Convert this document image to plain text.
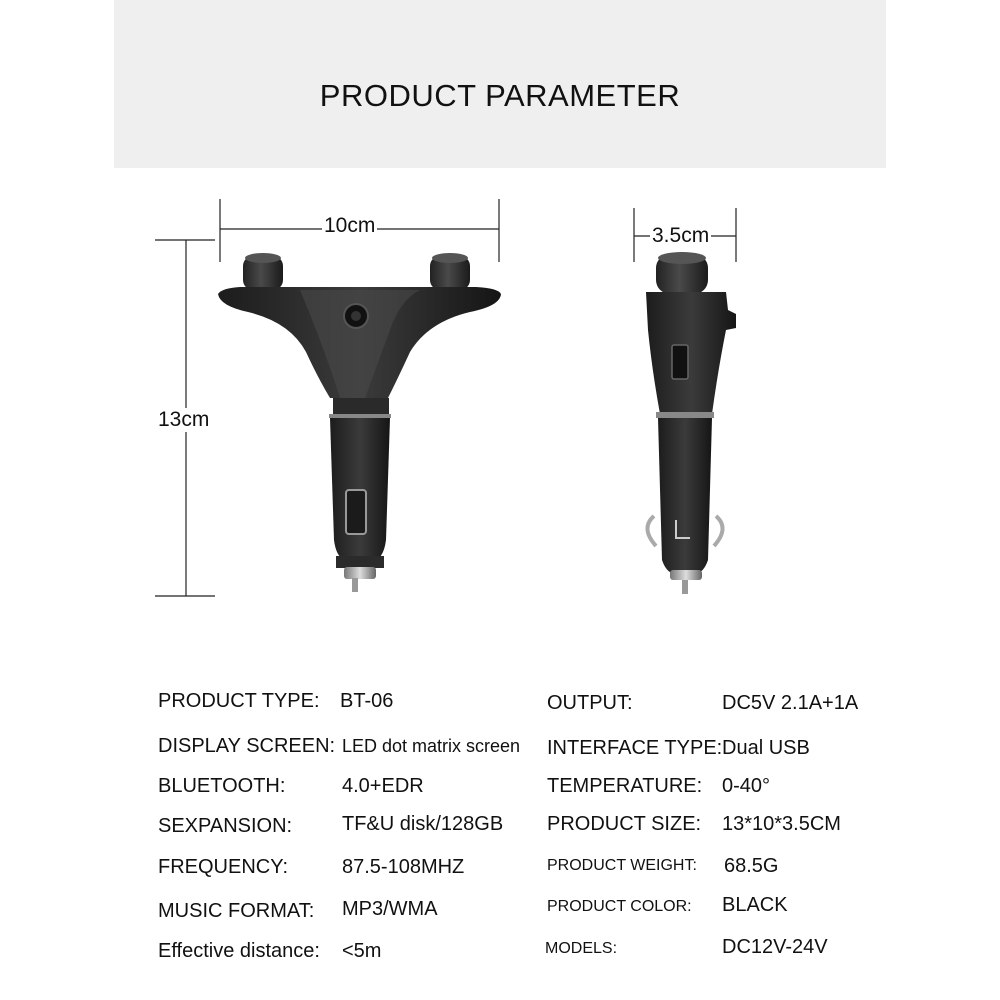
PRODUCT PARAMETER
10cm
13cm
3.5cm
PRODUCT TYPE: BT-06
DISPLAY SCREEN: LED dot matrix screen
BLUETOOTH:	4.0+EDR
SEXPANSION: TF&U disk/128GB
FREQUENCY:	87.5-108MHZ
MUSIC FORMAT: MP3/WMA
Effective distance: <5m
OUTPUT:	DC5V 2.1A+1A
INTERFACE TYPE: Dual USB
TEMPERATURE: 0-40°
PRODUCT SIZE: 13*10*3.5CM
PRODUCT WEIGHT: 68.5G
PRODUCT COLOR: BLACK
MODELS:	DC12V-24V
